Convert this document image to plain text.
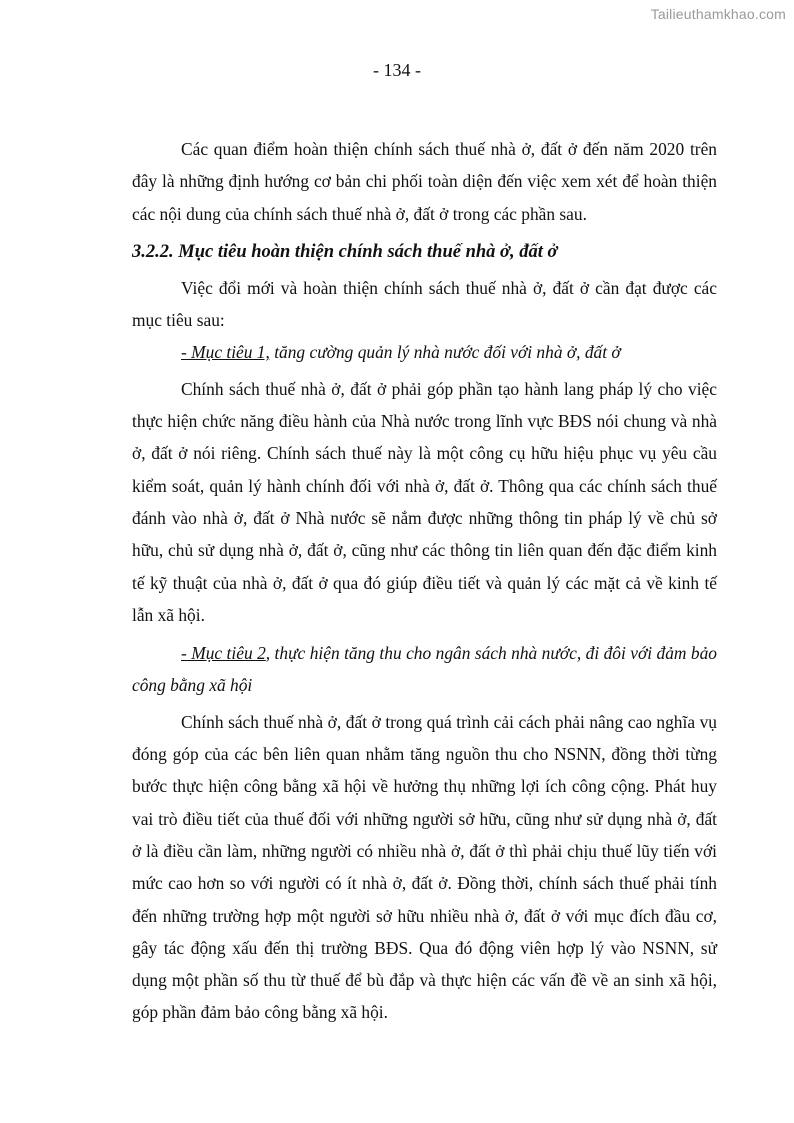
Tailieuthamkhao.com
- 134 -

Các quan điểm hoàn thiện chính sách thuế nhà ở, đất ở đến năm 2020 trên đây là những định hướng cơ bản chi phối toàn diện đến việc xem xét để hoàn thiện các nội dung của chính sách thuế nhà ở, đất ở trong các phần sau.

3.2.2. Mục tiêu hoàn thiện chính sách thuế nhà ở, đất ở

Việc đổi mới và hoàn thiện chính sách thuế nhà ở, đất ở cần đạt được các mục tiêu sau:

- Mục tiêu 1, tăng cường quản lý nhà nước đối với nhà ở, đất ở

Chính sách thuế nhà ở, đất ở phải góp phần tạo hành lang pháp lý cho việc thực hiện chức năng điều hành của Nhà nước trong lĩnh vực BĐS nói chung và nhà ở, đất ở nói riêng. Chính sách thuế này là một công cụ hữu hiệu phục vụ yêu cầu kiểm soát, quản lý hành chính đối với nhà ở, đất ở. Thông qua các chính sách thuế đánh vào nhà ở, đất ở Nhà nước sẽ nắm được những thông tin pháp lý về chủ sở hữu, chủ sử dụng nhà ở, đất ở, cũng như các thông tin liên quan đến đặc điểm kinh tế kỹ thuật của nhà ở, đất ở qua đó giúp điều tiết và quản lý các mặt cả về kinh tế lẫn xã hội.

- Mục tiêu 2, thực hiện tăng thu cho ngân sách nhà nước, đi đôi với đảm bảo công bằng xã hội

Chính sách thuế nhà ở, đất ở trong quá trình cải cách phải nâng cao nghĩa vụ đóng góp của các bên liên quan nhằm tăng nguồn thu cho NSNN, đồng thời từng bước thực hiện công bằng xã hội về hưởng thụ những lợi ích công cộng. Phát huy vai trò điều tiết của thuế đối với những người sở hữu, cũng như sử dụng nhà ở, đất ở là điều cần làm, những người có nhiều nhà ở, đất ở thì phải chịu thuế lũy tiến với mức cao hơn so với người có ít nhà ở, đất ở. Đồng thời, chính sách thuế phải tính đến những trường hợp một người sở hữu nhiều nhà ở, đất ở với mục đích đầu cơ, gây tác động xấu đến thị trường BĐS. Qua đó động viên hợp lý vào NSNN, sử dụng một phần số thu từ thuế để bù đắp và thực hiện các vấn đề về an sinh xã hội, góp phần đảm bảo công bằng xã hội.
